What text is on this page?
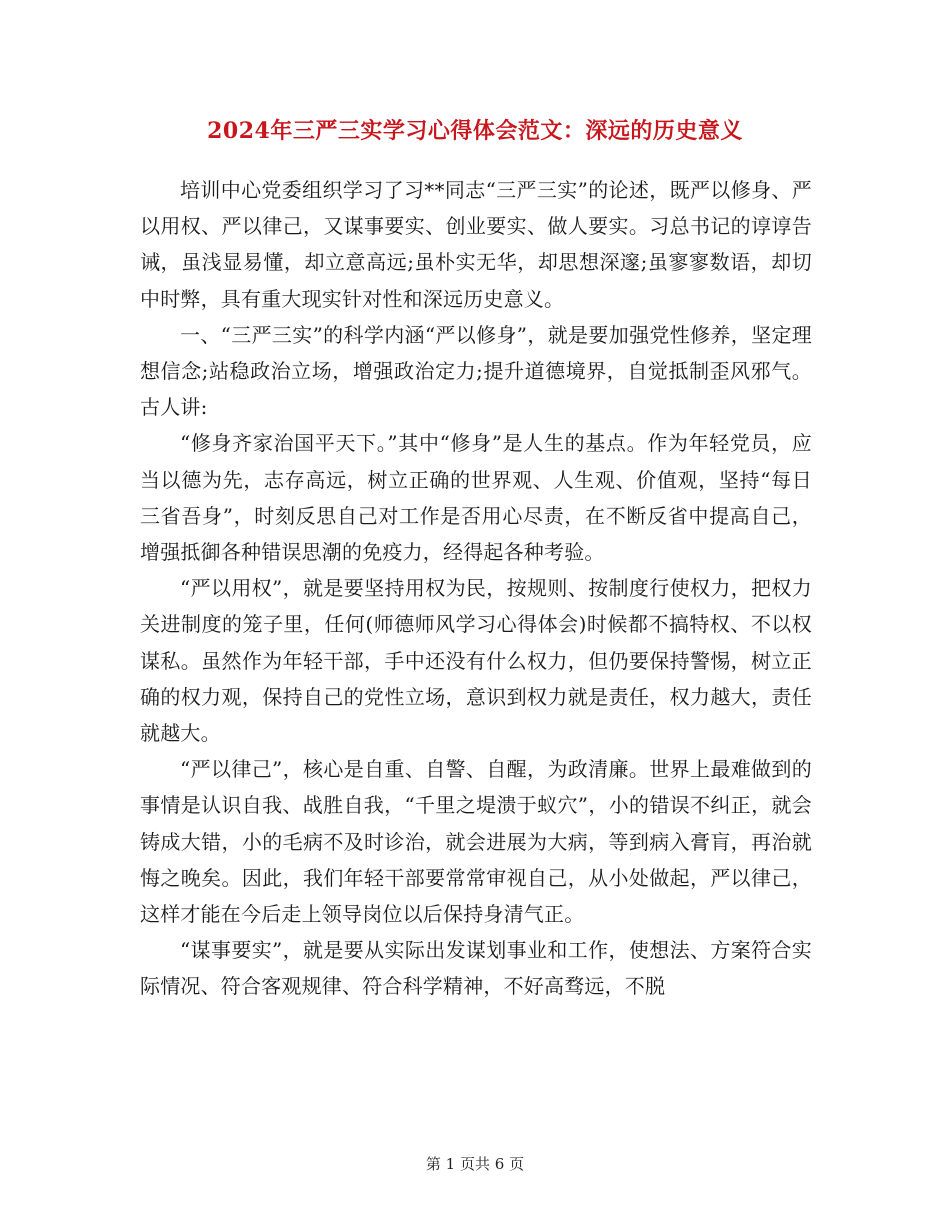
2024年三严三实学习心得体会范文：深远的历史意义

培训中心党委组织学习了习**同志“三严三实”的论述，既严以修身、严以用权、严以律己，又谋事要实、创业要实、做人要实。习总书记的谆谆告诫，虽浅显易懂，却立意高远;虽朴实无华，却思想深邃;虽寥寥数语，却切中时弊，具有重大现实针对性和深远历史意义。

一、“三严三实”的科学内涵“严以修身”，就是要加强党性修养，坚定理想信念;站稳政治立场，增强政治定力;提升道德境界，自觉抵制歪风邪气。古人讲:

“修身齐家治国平天下。”其中“修身”是人生的基点。作为年轻党员，应当以德为先，志存高远，树立正确的世界观、人生观、价值观，坚持“每日三省吾身”，时刻反思自己对工作是否用心尽责，在不断反省中提高自己，增强抵御各种错误思潮的免疫力，经得起各种考验。

“严以用权”，就是要坚持用权为民，按规则、按制度行使权力，把权力关进制度的笼子里，任何(师德师风学习心得体会)时候都不搞特权、不以权谋私。虽然作为年轻干部，手中还没有什么权力，但仍要保持警惕，树立正确的权力观，保持自己的党性立场，意识到权力就是责任，权力越大，责任就越大。

“严以律己”，核心是自重、自警、自醒，为政清廉。世界上最难做到的事情是认识自我、战胜自我，“千里之堤溃于蚁穴”，小的错误不纠正，就会铸成大错，小的毛病不及时诊治，就会进展为大病，等到病入膏肓，再治就悔之晚矣。因此，我们年轻干部要常常审视自己，从小处做起，严以律己，这样才能在今后走上领导岗位以后保持身清气正。

“谋事要实”，就是要从实际出发谋划事业和工作，使想法、方案符合实际情况、符合客观规律、符合科学精神，不好高骛远，不脱

第 1 页共 6 页
